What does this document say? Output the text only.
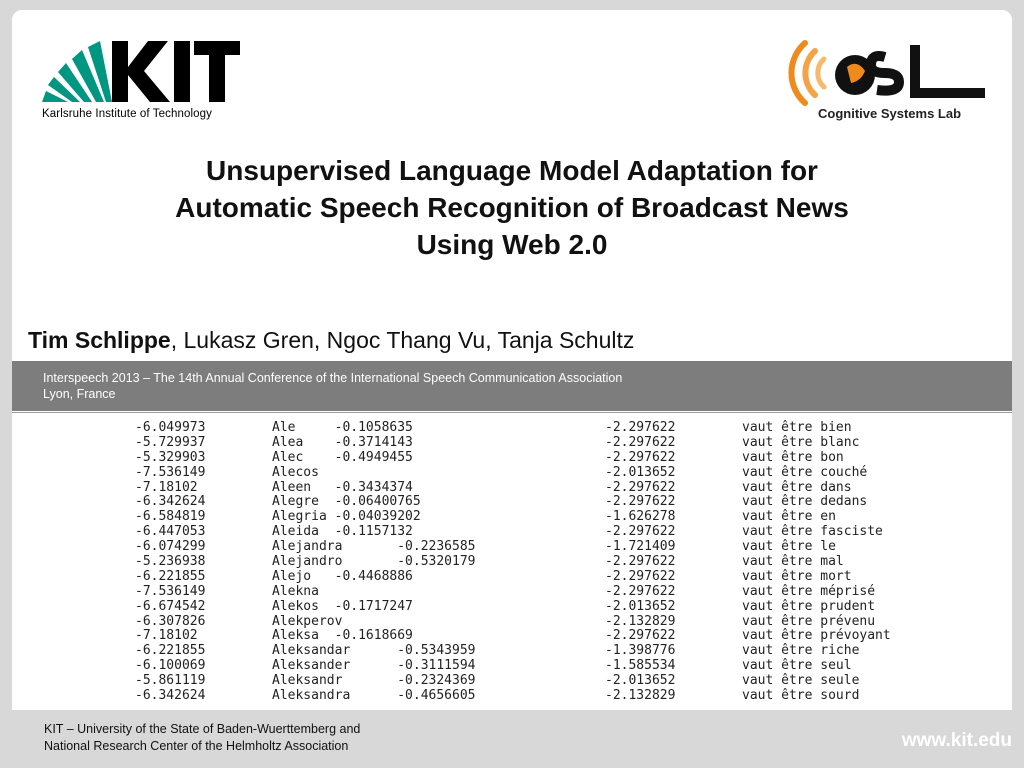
Karlsruhe Institute of Technology	Cognitive Systems Lab
Unsupervised Language Model Adaptation for
Automatic Speech Recognition of Broadcast News
Using Web 2.0
Tim Schlippe, Lukasz Gren, Ngoc Thang Vu, Tanja Schultz
Interspeech 2013 – The 14th Annual Conference of the International Speech Communication Association
Lyon, France
-6.049973	Ale     -0.1058635	-2.297622	vaut être bien
-5.729937	Alea    -0.3714143	-2.297622	vaut être blanc
-5.329903	Alec    -0.4949455	-2.297622	vaut être bon
-7.536149	Alecos	-2.013652	vaut être couché
-7.18102	Aleen   -0.3434374	-2.297622	vaut être dans
-6.342624	Alegre  -0.06400765	-2.297622	vaut être dedans
-6.584819	Alegria -0.04039202	-1.626278	vaut être en
-6.447053	Aleida  -0.1157132	-2.297622	vaut être fasciste
-6.074299	Alejandra       -0.2236585	-1.721409	vaut être le
-5.236938	Alejandro       -0.5320179	-2.297622	vaut être mal
-6.221855	Alejo   -0.4468886	-2.297622	vaut être mort
-7.536149	Alekna	-2.297622	vaut être méprisé
-6.674542	Alekos  -0.1717247	-2.013652	vaut être prudent
-6.307826	Alekperov	-2.132829	vaut être prévenu
-7.18102	Aleksa  -0.1618669	-2.297622	vaut être prévoyant
-6.221855	Aleksandar      -0.5343959	-1.398776	vaut être riche
-6.100069	Aleksander      -0.3111594	-1.585534	vaut être seul
-5.861119	Aleksandr       -0.2324369	-2.013652	vaut être seule
-6.342624	Aleksandra      -0.4656605	-2.132829	vaut être sourd
KIT – University of the State of Baden-Wuerttemberg and
National Research Center of the Helmholtz Association	www.kit.edu
